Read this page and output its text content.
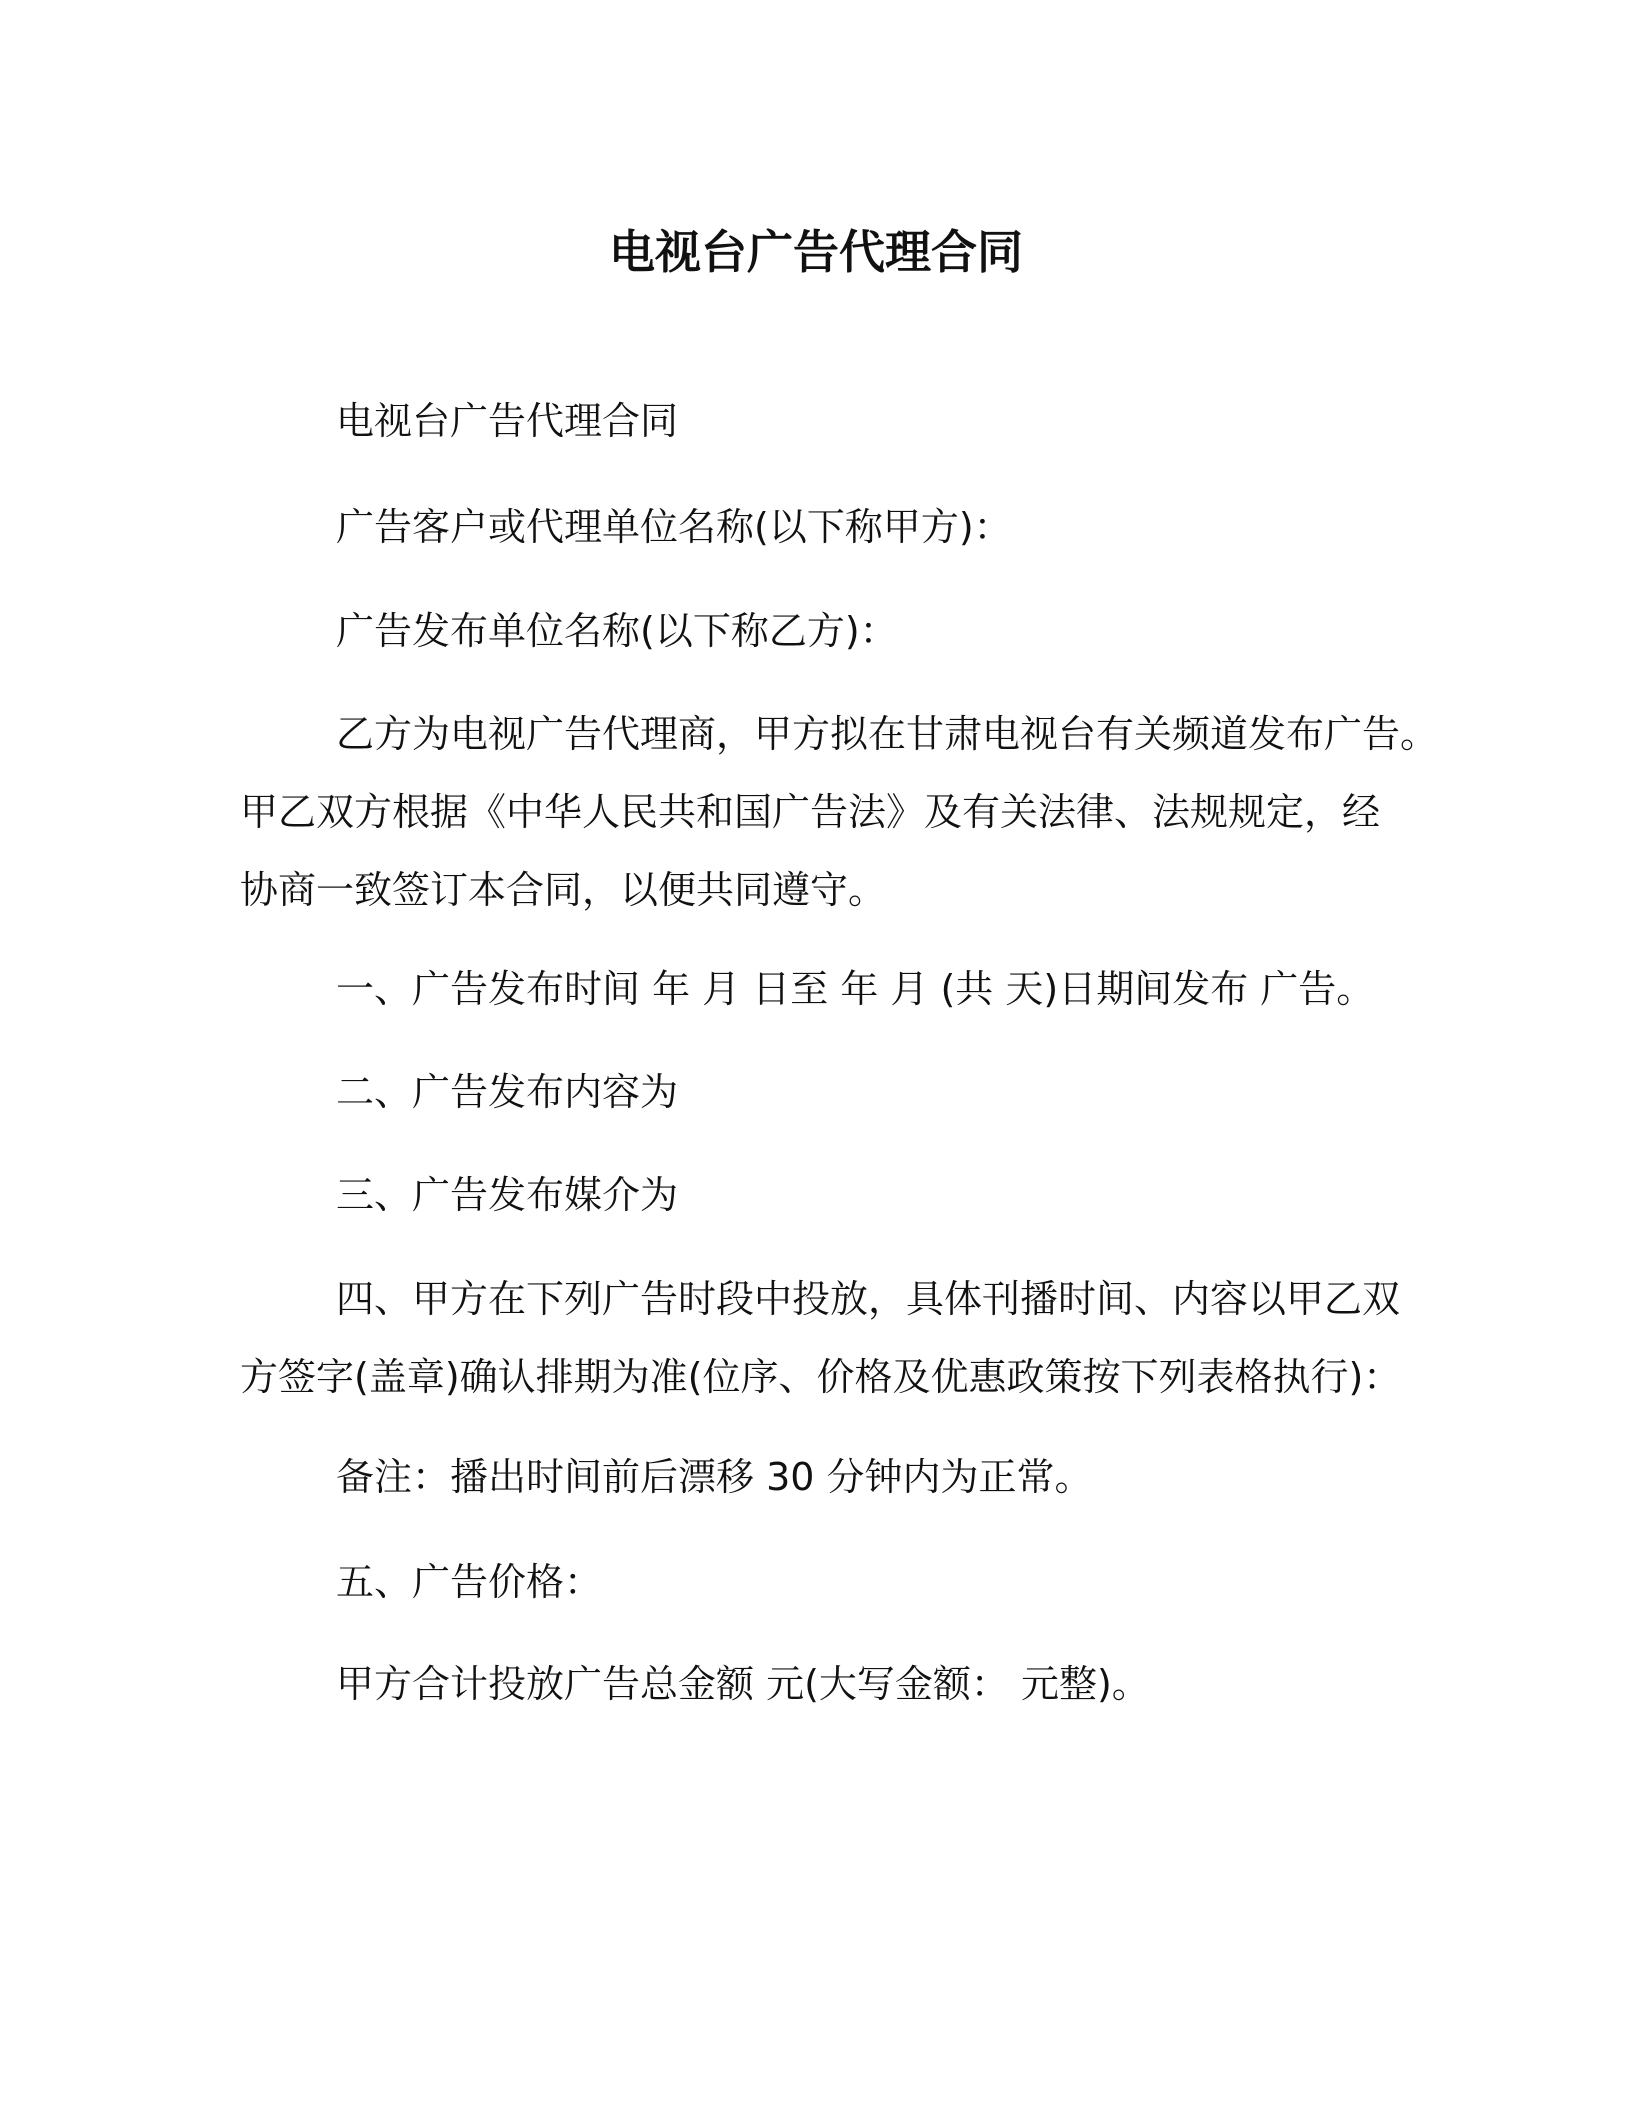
电视台广告代理合同
电视台广告代理合同
广告客户或代理单位名称(以下称甲方)：
广告发布单位名称(以下称乙方)：
乙方为电视广告代理商，甲方拟在甘肃电视台有关频道发布广告。
甲乙双方根据《中华人民共和国广告法》及有关法律、法规规定，经
协商一致签订本合同，以便共同遵守。
一、广告发布时间 年 月 日至 年 月 (共 天)日期间发布 广告。
二、广告发布内容为
三、广告发布媒介为
四、甲方在下列广告时段中投放，具体刊播时间、内容以甲乙双
方签字(盖章)确认排期为准(位序、价格及优惠政策按下列表格执行)：
备注：播出时间前后漂移 30 分钟内为正常。
五、广告价格：
甲方合计投放广告总金额 元(大写金额： 元整)。
